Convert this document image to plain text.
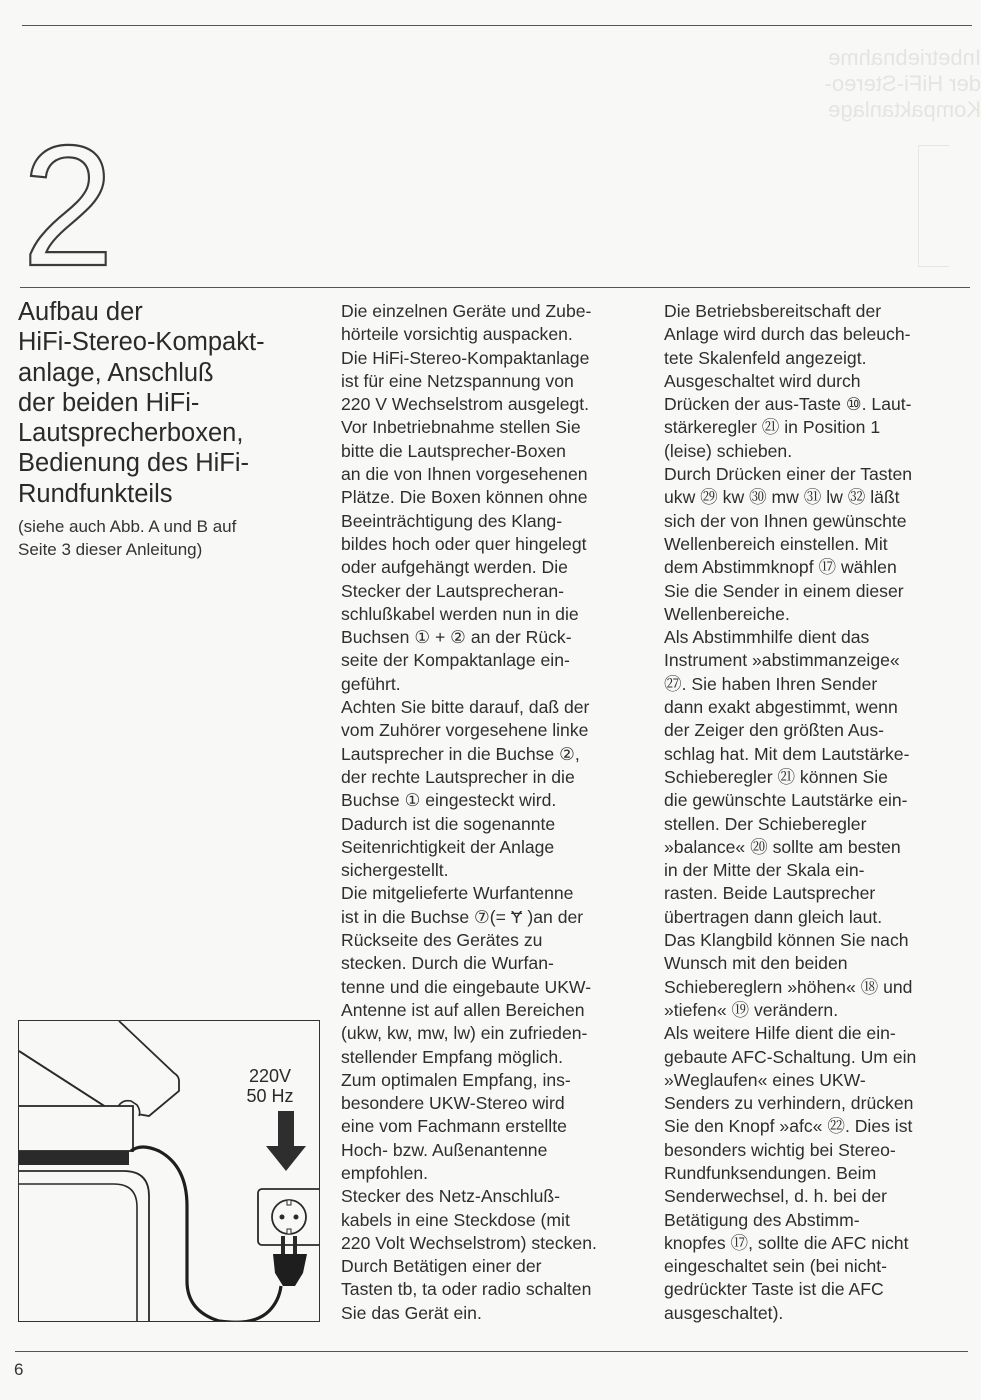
Inbetriebnahme
der HiFi-Stereo-
Kompaktanlage
2
Aufbau der
HiFi-Stereo-Kompakt-
anlage, Anschluß
der beiden HiFi-
Lautsprecherboxen,
Bedienung des HiFi-
Rundfunkteils
(siehe auch Abb. A und B auf
Seite 3 dieser Anleitung)
Die einzelnen Geräte und Zube-
hörteile vorsichtig auspacken.
Die HiFi-Stereo-Kompaktanlage
ist für eine Netzspannung von
220 V Wechselstrom ausgelegt.
Vor Inbetriebnahme stellen Sie
bitte die Lautsprecher-Boxen
an die von Ihnen vorgesehenen
Plätze. Die Boxen können ohne
Beeinträchtigung des Klang-
bildes hoch oder quer hingelegt
oder aufgehängt werden. Die
Stecker der Lautsprecheran-
schlußkabel werden nun in die
Buchsen ① + ② an der Rück-
seite der Kompaktanlage ein-
geführt.
Achten Sie bitte darauf, daß der
vom Zuhörer vorgesehene linke
Lautsprecher in die Buchse ②,
der rechte Lautsprecher in die
Buchse ① eingesteckt wird.
Dadurch ist die sogenannte
Seitenrichtigkeit der Anlage
sichergestellt.
Die mitgelieferte Wurfantenne
ist in die Buchse ⑦(= Ɏ )an der
Rückseite des Gerätes zu
stecken. Durch die Wurfan-
tenne und die eingebaute UKW-
Antenne ist auf allen Bereichen
(ukw, kw, mw, lw) ein zufrieden-
stellender Empfang möglich.
Zum optimalen Empfang, ins-
besondere UKW-Stereo wird
eine vom Fachmann erstellte
Hoch- bzw. Außenantenne
empfohlen.
Stecker des Netz-Anschluß-
kabels in eine Steckdose (mit
220 Volt Wechselstrom) stecken.
Durch Betätigen einer der
Tasten tb, ta oder radio schalten
Sie das Gerät ein.
Die Betriebsbereitschaft der
Anlage wird durch das beleuch-
tete Skalenfeld angezeigt.
Ausgeschaltet wird durch
Drücken der aus-Taste ⑩. Laut-
stärkeregler ㉑ in Position 1
(leise) schieben.
Durch Drücken einer der Tasten
ukw ㉙ kw ㉚ mw ㉛ lw ㉜ läßt
sich der von Ihnen gewünschte
Wellenbereich einstellen. Mit
dem Abstimmknopf ⑰ wählen
Sie die Sender in einem dieser
Wellenbereiche.
Als Abstimmhilfe dient das
Instrument »abstimmanzeige«
㉗. Sie haben Ihren Sender
dann exakt abgestimmt, wenn
der Zeiger den größten Aus-
schlag hat. Mit dem Lautstärke-
Schieberegler ㉑ können Sie
die gewünschte Lautstärke ein-
stellen. Der Schieberegler
»balance« ⑳ sollte am besten
in der Mitte der Skala ein-
rasten. Beide Lautsprecher
übertragen dann gleich laut.
Das Klangbild können Sie nach
Wunsch mit den beiden
Schiebereglern »höhen« ⑱ und
»tiefen« ⑲ verändern.
Als weitere Hilfe dient die ein-
gebaute AFC-Schaltung. Um ein
»Weglaufen« eines UKW-
Senders zu verhindern, drücken
Sie den Knopf »afc« ㉒. Dies ist
besonders wichtig bei Stereo-
Rundfunksendungen. Beim
Senderwechsel, d. h. bei der
Betätigung des Abstimm-
knopfes ⑰, sollte die AFC nicht
eingeschaltet sein (bei nicht-
gedrückter Taste ist die AFC
ausgeschaltet).
220V
50 Hz
6
